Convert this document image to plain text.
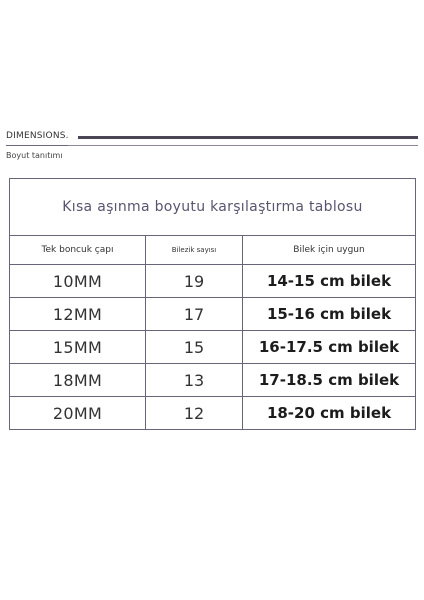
DIMENSIONS.
Boyut tanıtımı
Kısa aşınma boyutu karşılaştırma tablosu		
Tek boncuk çapı	Bilezik sayısı	Bilek için uygun
10MM	19	14-15 cm bilek
12MM	17	15-16 cm bilek
15MM	15	16-17.5 cm bilek
18MM	13	17-18.5 cm bilek
20MM	12	18-20 cm bilek
